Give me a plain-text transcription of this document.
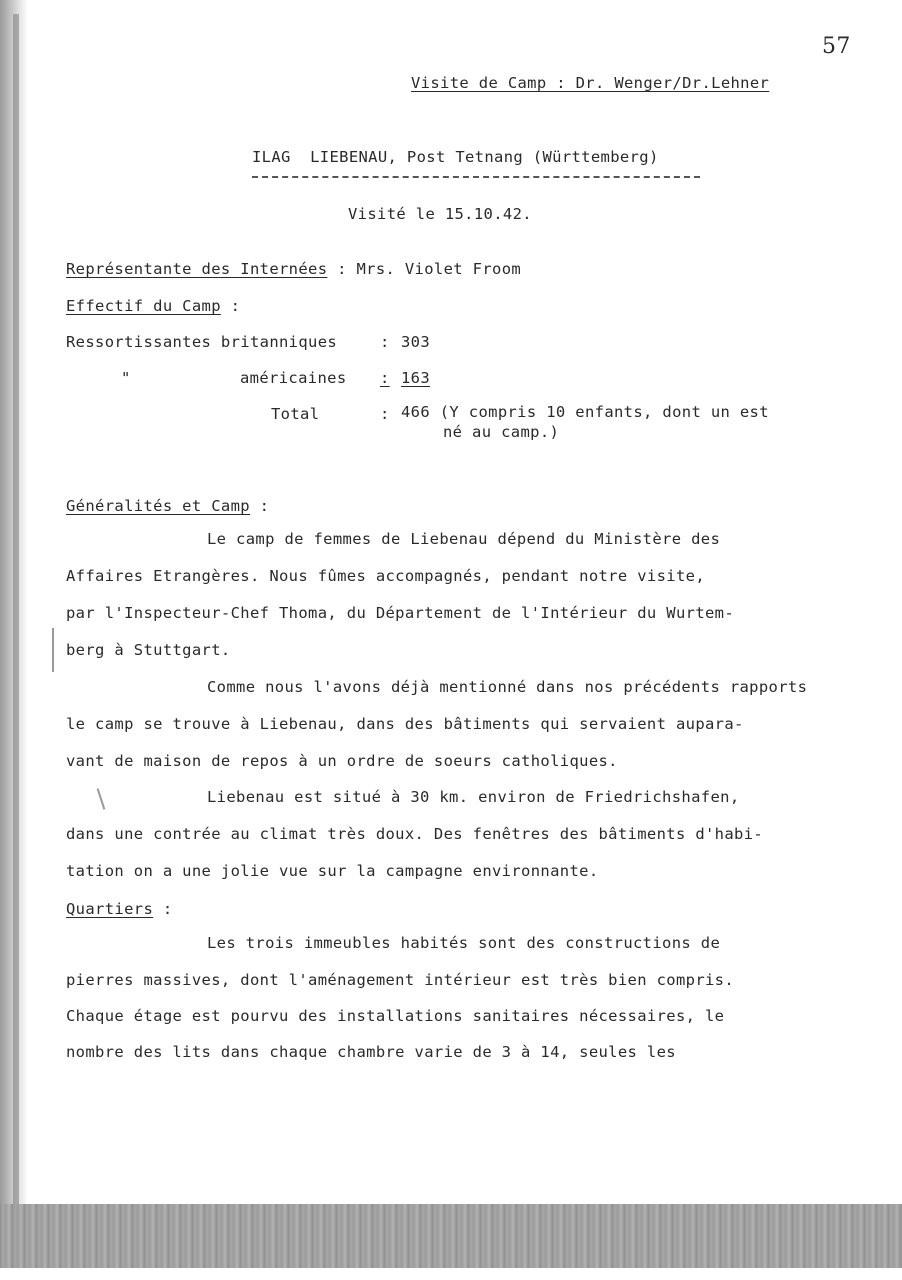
57
Visite de Camp : Dr. Wenger/Dr.Lehner
ILAG  LIEBENAU, Post Tetnang (Württemberg)
Visité le 15.10.42.
Représentante des Internées : Mrs. Violet Froom
Effectif du Camp :
Ressortissantes britanniques	: 303
"	américaines : 163
Total	: 466 (Y compris 10 enfants, dont un est
né au camp.)
Généralités et Camp :
Le camp de femmes de Liebenau dépend du Ministère des
Affaires Etrangères. Nous fûmes accompagnés, pendant notre visite,
par l'Inspecteur-Chef Thoma, du Département de l'Intérieur du Wurtem-
berg à Stuttgart.
Comme nous l'avons déjà mentionné dans nos précédents rapports
le camp se trouve à Liebenau, dans des bâtiments qui servaient aupara-
vant de maison de repos à un ordre de soeurs catholiques.
Liebenau est situé à 30 km. environ de Friedrichshafen,
dans une contrée au climat très doux. Des fenêtres des bâtiments d'habi-
tation on a une jolie vue sur la campagne environnante.
Quartiers :
Les trois immeubles habités sont des constructions de
pierres massives, dont l'aménagement intérieur est très bien compris.
Chaque étage est pourvu des installations sanitaires nécessaires, le
nombre des lits dans chaque chambre varie de 3 à 14, seules les
